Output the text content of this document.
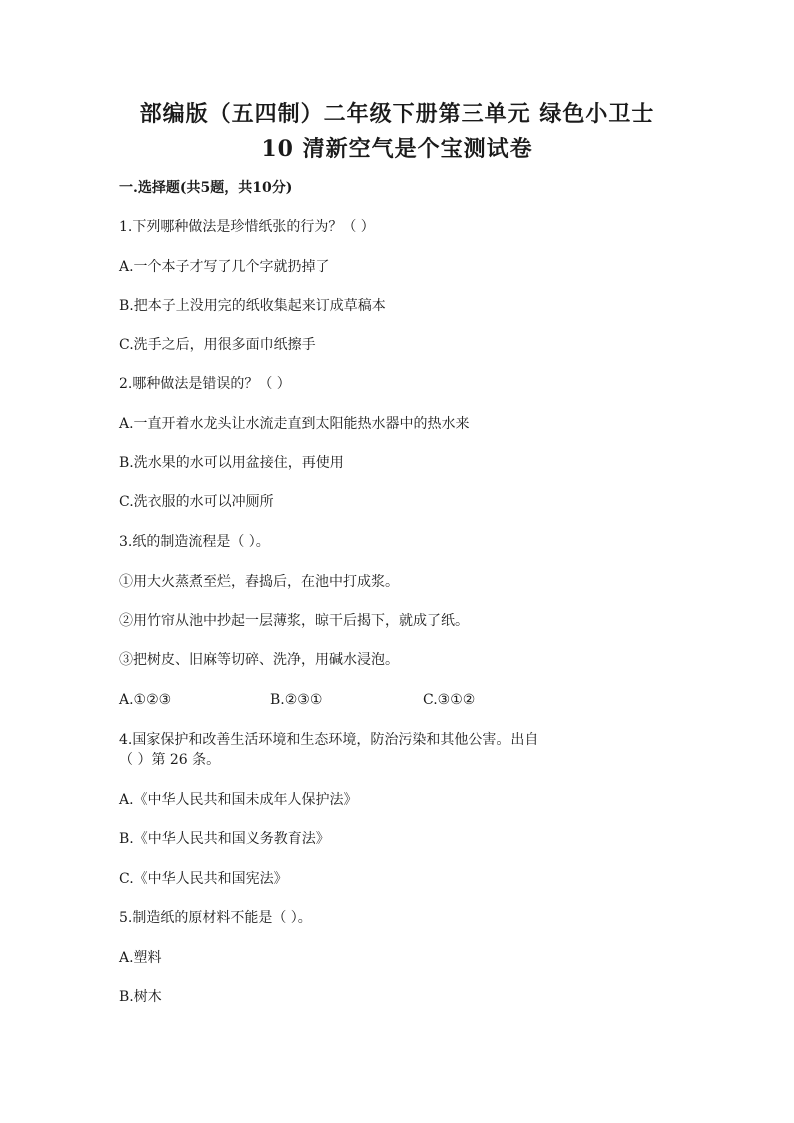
部编版（五四制）二年级下册第三单元 绿色小卫士
10 清新空气是个宝测试卷
一.选择题(共5题，共10分)
1.下列哪种做法是珍惜纸张的行为？（ ）
A.一个本子才写了几个字就扔掉了
B.把本子上没用完的纸收集起来订成草稿本
C.洗手之后，用很多面巾纸擦手
2.哪种做法是错误的？（ ）
A.一直开着水龙头让水流走直到太阳能热水器中的热水来
B.洗水果的水可以用盆接住，再使用
C.洗衣服的水可以冲厕所
3.纸的制造流程是（ ）。
①用大火蒸煮至烂，舂捣后，在池中打成浆。
②用竹帘从池中抄起一层薄浆，晾干后揭下，就成了纸。
③把树皮、旧麻等切碎、洗净，用碱水浸泡。
A.①②③	B.②③①	C.③①②
4.国家保护和改善生活环境和生态环境，防治污染和其他公害。出自
（ ）第 26 条。
A.《中华人民共和国未成年人保护法》
B.《中华人民共和国义务教育法》
C.《中华人民共和国宪法》
5.制造纸的原材料不能是（ ）。
A.塑料
B.树木
